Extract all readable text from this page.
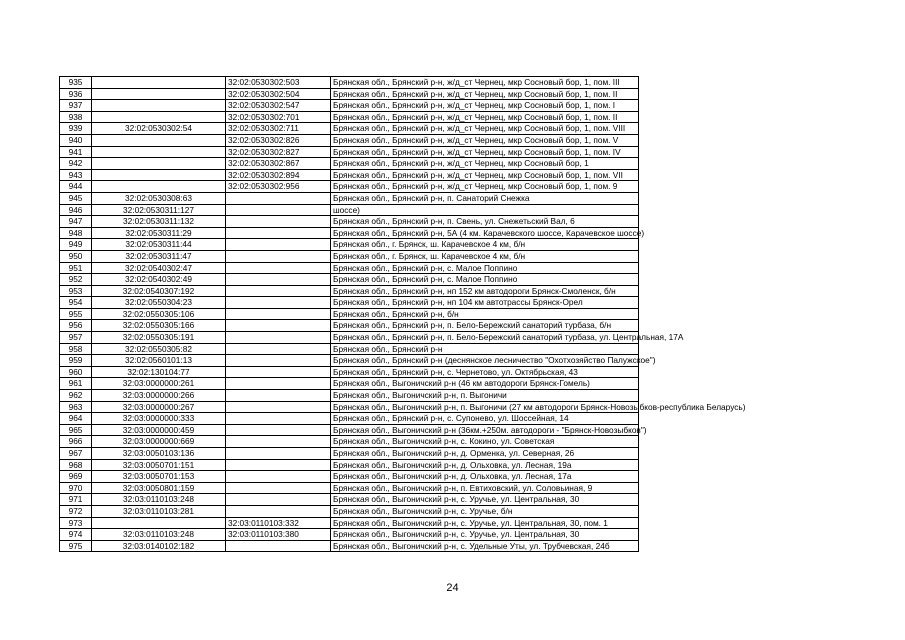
935		32:02:0530302:503	Брянская обл., Брянский р-н, ж/д_ст Чернец, мкр Сосновый бор, 1, пом. III
936		32:02:0530302:504	Брянская обл., Брянский р-н, ж/д_ст Чернец, мкр Сосновый бор, 1, пом. II
937		32:02:0530302:547	Брянская обл., Брянский р-н, ж/д_ст Чернец, мкр Сосновый бор, 1, пом. I
938		32:02:0530302:701	Брянская обл., Брянский р-н, ж/д_ст Чернец, мкр Сосновый бор, 1, пом. II
939	32:02:0530302:54	32:02:0530302:711	Брянская обл., Брянский р-н, ж/д_ст Чернец, мкр Сосновый бор, 1, пом. VIII
940		32:02:0530302:826	Брянская обл., Брянский р-н, ж/д_ст Чернец, мкр Сосновый бор, 1, пом. V
941		32:02:0530302:827	Брянская обл., Брянский р-н, ж/д_ст Чернец, мкр Сосновый бор, 1, пом. IV
942		32:02:0530302:867	Брянская обл., Брянский р-н, ж/д_ст Чернец, мкр Сосновый бор, 1
943		32:02:0530302:894	Брянская обл., Брянский р-н, ж/д_ст Чернец, мкр Сосновый бор, 1, пом. VII
944		32:02:0530302:956	Брянская обл., Брянский р-н, ж/д_ст Чернец, мкр Сосновый бор, 1, пом. 9
945	32:02:0530308:63		Брянская обл., Брянский р-н, п. Санаторий Снежка
946	32:02:0530311:127		шоссе)
947	32:02:0530311:132		Брянская обл., Брянский р-н, п. Свень, ул. Снежетьский Вал, 6
948	32:02:0530311:29		Брянская обл., Брянский р-н, 5А (4 км. Карачевского шоссе, Карачевское шоссе)
949	32:02:0530311:44		Брянская обл., г. Брянск, ш. Карачевское 4 км, б/н
950	32:02:0530311:47		Брянская обл., г. Брянск, ш. Карачевское 4 км, б/н
951	32:02:0540302:47		Брянская обл., Брянский р-н, с. Малое Поппино
952	32:02:0540302:49		Брянская обл., Брянский р-н, с. Малое Поппино
953	32:02:0540307:192		Брянская обл., Брянский р-н, нп 152 км автодороги Брянск-Смоленск, б/н
954	32:02:0550304:23		Брянская обл., Брянский р-н, нп 104 км автотрассы Брянск-Орел
955	32:02:0550305:106		Брянская обл., Брянский р-н, б/н
956	32:02:0550305:166		Брянская обл., Брянский р-н, п. Бело-Бережский санаторий турбаза, б/н
957	32:02:0550305:191		Брянская обл., Брянский р-н, п. Бело-Бережский санаторий турбаза, ул. Центральная, 17А
958	32:02:0550305:82		Брянская обл., Брянский р-н
959	32:02:0560101:13		Брянская обл., Брянский р-н (деснянское лесничество "Охотхозяйство Палужское")
960	32:02:130104:77		Брянская обл., Брянский р-н, с. Чернетово, ул. Октябрьская, 43
961	32:03:0000000:261		Брянская обл., Выгоничский р-н (46 км автодороги Брянск-Гомель)
962	32:03:0000000:266		Брянская обл., Выгоничский р-н, п. Выгоничи
963	32:03:0000000:267		Брянская обл., Выгоничский р-н, п. Выгоничи (27 км автодороги Брянск-Новозыбков-республика Беларусь)
964	32:03:0000000:333		Брянская обл., Брянский р-н, с. Супонево, ул. Шоссейная, 14
965	32:03:0000000:459		Брянская обл., Выгоничский р-н (36км.+250м. автодороги - "Брянск-Новозыбков")
966	32:03:0000000:669		Брянская обл., Выгоничский р-н, с. Кокино, ул. Советская
967	32:03:0050103:136		Брянская обл., Выгоничский р-н, д. Орменка, ул. Северная, 26
968	32:03:0050701:151		Брянская обл., Выгоничский р-н, д. Ольховка, ул. Лесная, 19а
969	32:03:0050701:153		Брянская обл., Выгоничский р-н, д. Ольховка, ул. Лесная, 17а
970	32:03:0050801:159		Брянская обл., Выгоничский р-н, п. Евтиховский, ул. Соловьиная, 9
971	32:03:0110103:248		Брянская обл., Выгоничский р-н, с. Уручье, ул. Центральная, 30
972	32:03:0110103:281		Брянская обл., Выгоничский р-н, с. Уручье, б/н
973		32:03:0110103:332	Брянская обл., Выгоничский р-н, с. Уручье, ул. Центральная, 30, пом. 1
974	32:03:0110103:248	32:03:0110103:380	Брянская обл., Выгоничский р-н, с. Уручье, ул. Центральная, 30
975	32:03:0140102:182		Брянская обл., Выгоничский р-н, с. Удельные Уты, ул. Трубчевская, 24б
24
